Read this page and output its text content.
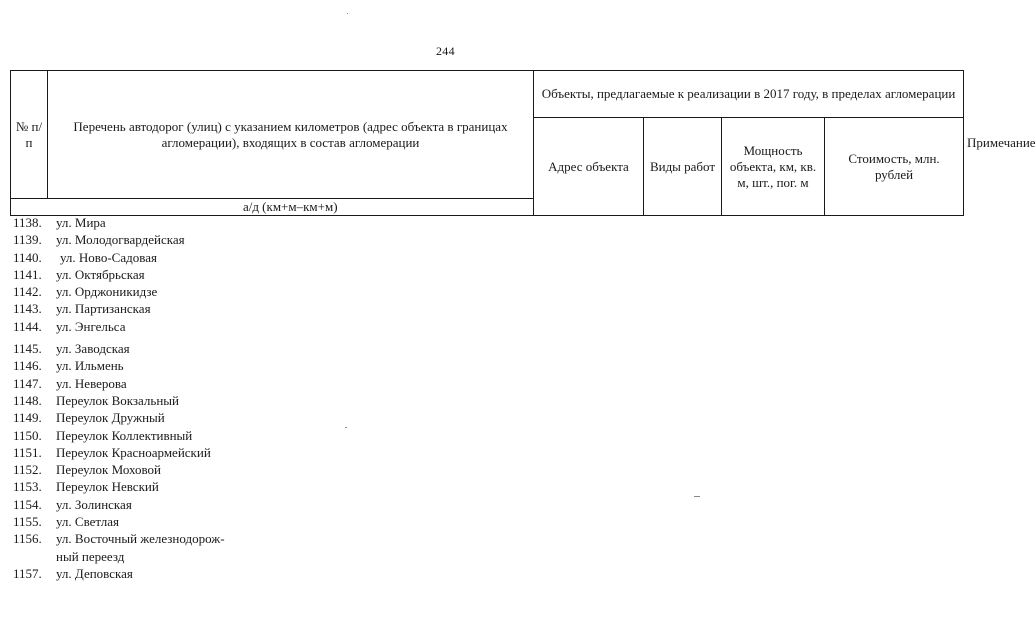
244
№ п/п	Перечень автодорог (улиц) с указанием километров (адрес объекта в границах агломерации), входящих в состав агломерации	Объекты, предлагаемые к реализации в 2017 году, в пределах агломерации				Примечание
		Адрес объекта	Виды работ	Мощность объекта, км, кв. м, шт., пог. м	Стоимость, млн. рублей	
	а/д (км+м–км+м)					
1138.	ул. Мира
1139.	ул. Молодогвардейская
1140.	ул. Ново-Садовая
1141.	ул. Октябрьская
1142.	ул. Орджоникидзе
1143.	ул. Партизанская
1144.	ул. Энгельса
1145.	ул. Заводская
1146.	ул. Ильмень
1147.	ул. Неверова
1148.	Переулок Вокзальный
1149.	Переулок Дружный
1150.	Переулок Коллективный
1151.	Переулок Красноармейский
1152.	Переулок Моховой
1153.	Переулок Невский
1154.	ул. Золинская
1155.	ул. Светлая
1156.	ул. Восточный железнодорож-
ный переезд
1157.	ул. Деповская
